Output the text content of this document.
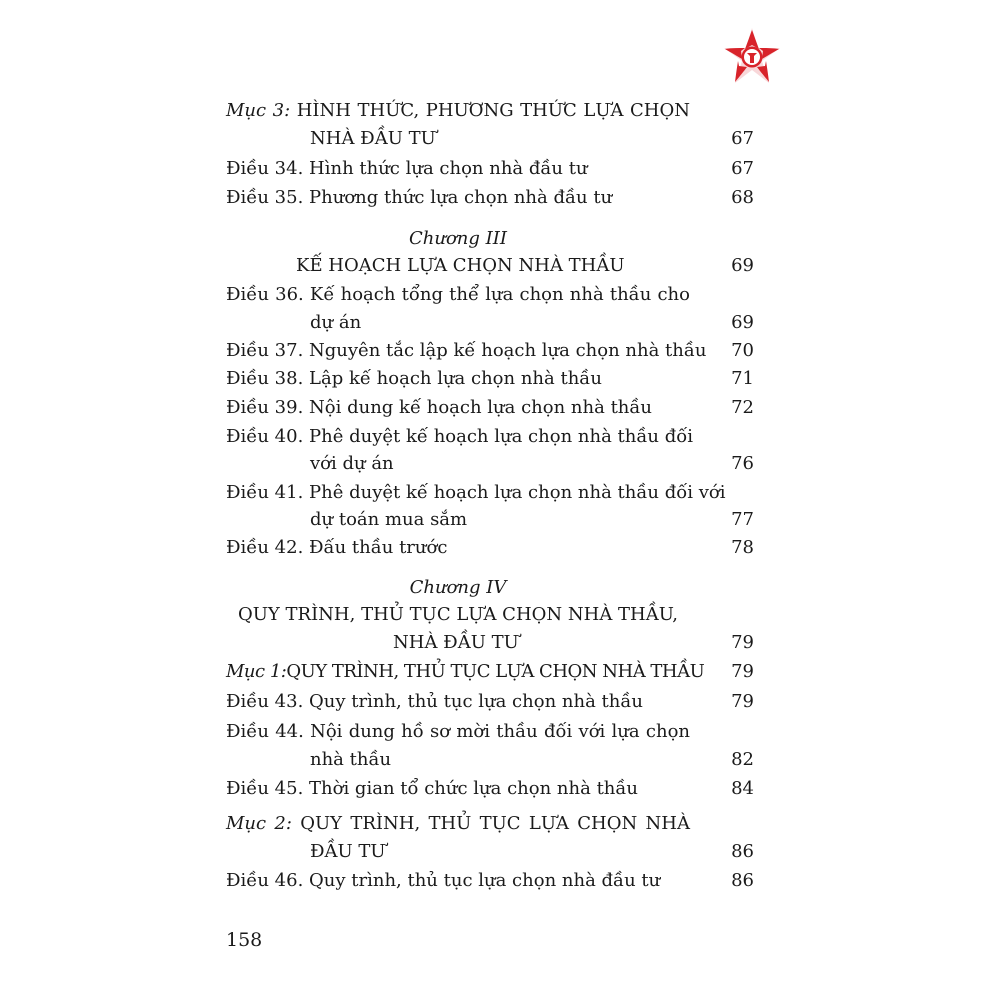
Mục 3: HÌNH THỨC, PHƯƠNG THỨC LỰA CHỌN
NHÀ ĐẦU TƯ	67
Điều 34. Hình thức lựa chọn nhà đầu tư	67
Điều 35. Phương thức lựa chọn nhà đầu tư	68
Chương III
KẾ HOẠCH LỰA CHỌN NHÀ THẦU	69
Điều 36. Kế hoạch tổng thể lựa chọn nhà thầu cho
dự án	69
Điều 37. Nguyên tắc lập kế hoạch lựa chọn nhà thầu 70
Điều 38. Lập kế hoạch lựa chọn nhà thầu	71
Điều 39. Nội dung kế hoạch lựa chọn nhà thầu	72
Điều 40. Phê duyệt kế hoạch lựa chọn nhà thầu đối
với dự án	76
Điều 41. Phê duyệt kế hoạch lựa chọn nhà thầu đối với
dự toán mua sắm	77
Điều 42. Đấu thầu trước	78
Chương IV
QUY TRÌNH, THỦ TỤC LỰA CHỌN NHÀ THẦU,
NHÀ ĐẦU TƯ	79
Mục 1:QUY TRÌNH, THỦ TỤC LỰA CHỌN NHÀ THẦU 79
Điều 43. Quy trình, thủ tục lựa chọn nhà thầu	79
Điều 44. Nội dung hồ sơ mời thầu đối với lựa chọn
nhà thầu	82
Điều 45. Thời gian tổ chức lựa chọn nhà thầu	84
Mục 2: QUY TRÌNH, THỦ TỤC LỰA CHỌN NHÀ
ĐẦU TƯ	86
Điều 46. Quy trình, thủ tục lựa chọn nhà đầu tư	86
158
